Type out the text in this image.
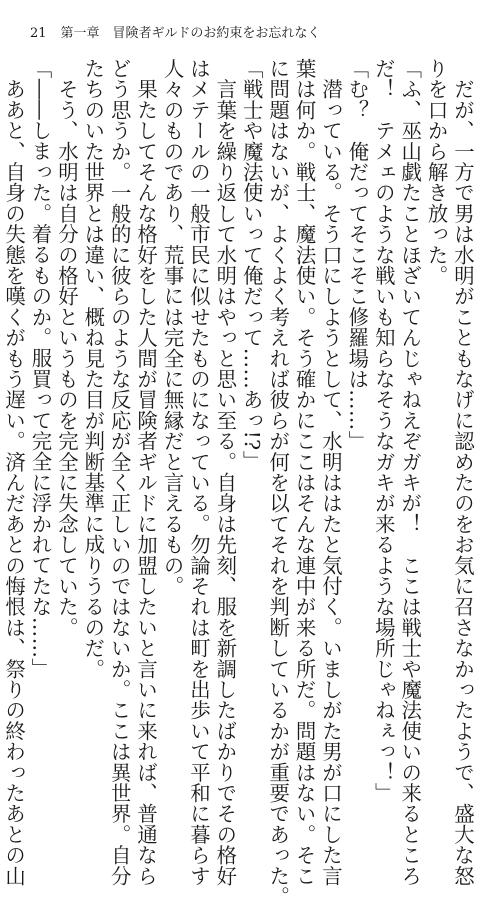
21 第一章　冒険者ギルドのお約束をお忘れなく
　だが、一方で男は水明がこともなげに認めたのをお気に召さなかったようで、盛大な怒
りを口から解き放った。
「ふ、巫山戯たことほざいてんじゃねえぞガキが！　ここは戦士や魔法使いの来るところ
だ！　テメェのような戦いも知らなそうなガキが来るような場所じゃねぇっ！」
「む？　俺だってそこそこ修羅場は……」
　潜っている。そう口にしようとして、水明ははたと気付く。いましがた男が口にした言
葉は何か。戦士、魔法使い。そう確かにここはそんな連中が来る所だ。問題はない。そこ
に問題はないが、よくよく考えれば彼らが何を以てそれを判断しているかが重要であった。
「戦士や魔法使いって俺だって……あっ!?」
　言葉を繰り返して水明はやっと思い至る。自身は先刻、服を新調したばかりでその格好
はメテールの一般市民に似せたものになっている。勿論それは町を出歩いて平和に暮らす
人々のものであり、荒事には完全に無縁だと言えるもの。
　果たしてそんな格好をした人間が冒険者ギルドに加盟したいと言いに来れば、普通なら
どう思うか。一般的に彼らのような反応が全く正しいのではないか。ここは異世界。自分
たちのいた世界とは違い、概ね見た目が判断基準に成りうるのだ。
　そう、水明は自分の格好というものを完全に失念していた。
「――しまった。着るものか。服買って完全に浮かれてたな……」
　ああと、自身の失態を嘆くがもう遅い。済んだあとの悔恨は、祭りの終わったあとの山
